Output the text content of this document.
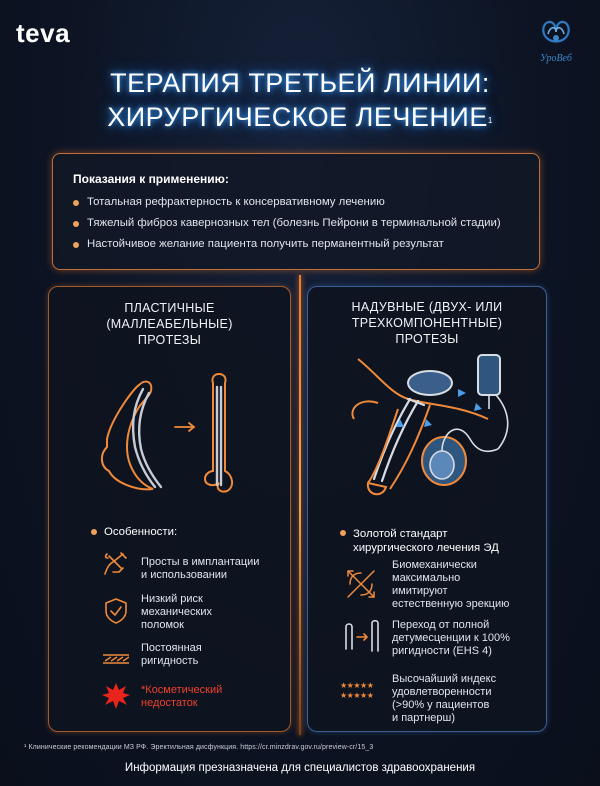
teva
УроВеб
ТЕРАПИЯ ТРЕТЬЕЙ ЛИНИИ:
ХИРУРГИЧЕСКОЕ ЛЕЧЕНИЕ$^1$
Показания к применению:
Тотальная рефрактерность к консервативному лечению
Тяжелый фиброз кавернозных тел (болезнь Пейрони в терминальной стадии)
Настойчивое желание пациента получить перманентный результат
ПЛАСТИЧНЫЕ
(МАЛЛЕАБЕЛЬНЫЕ)
ПРОТЕЗЫ
Особенности:
Просты в имплантации
и использовании
Низкий риск
механических
поломок
Постоянная
ригидность
*Косметический
недостаток
НАДУВНЫЕ (ДВУХ- ИЛИ
ТРЕХКОМПОНЕНТНЫЕ)
ПРОТЕЗЫ
Золотой стандарт
хирургического лечения ЭД
Биомеханически
максимально
имитируют
естественную эрекцию
Переход от полной
детумесценции к 100%
ригидности (EHS 4)
★★★★★
★★★★★
Высочайший индекс
удовлетворенности
(>90% у пациентов
и партнерш)
¹ Клинические рекомендации МЗ РФ. Эректильная дисфункция. https://cr.minzdrav.gov.ru/preview-cr/15_3
Информация презназначена для специалистов здравоохранения
